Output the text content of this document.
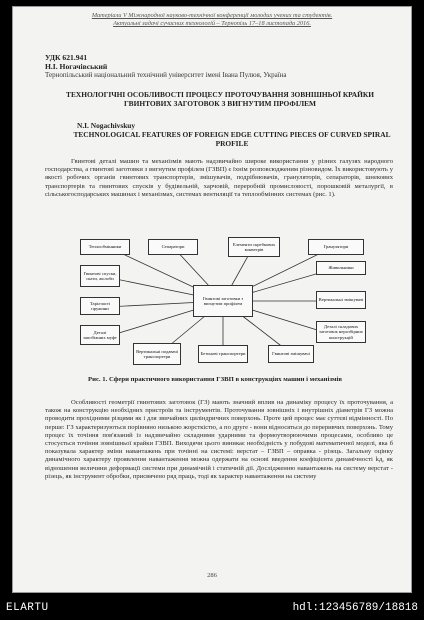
Матеріали V Міжнародної науково-технічної конференції молодих учених та студентів.
Актуальні задачі сучасних технологій – Тернопіль 17–18 листопада 2016.
УДК 621.941
Н.І. Ногачівський
Тернопільський національний технічний університет імені Івана Пулюя, Україна
ТЕХНОЛОГІЧНІ ОСОБЛИВОСТІ ПРОЦЕСУ ПРОТОЧУВАННЯ ЗОВНІШНЬОЇ КРАЙКИ ГВИНТОВИХ ЗАГОТОВОК З ВИГНУТИМ ПРОФІЛЕМ
N.I. Nogachivskuy
TECHNOLOGICAL FEATURES OF FOREIGN EDGE CUTTING PIECES OF CURVED SPIRAL PROFILE
Гвинтові деталі машин та механізмів мають надзвичайно широке використання у різних галузях народного господарства, а гвинтові заготовки з вигнутим профілем (ГЗВП) є їхнім розповсюдженим різновидом. Їх використовують у якості робочих органів гвинтових транспортерів, змішувачів, подрібнювачів, грануляторів, сепараторів, шнекових транспортерів та гвинтових спусків у будівельній, харчовій, переробній промисловості, порошковій металургії, в сільськогосподарських машинах і механізмах, системах вентиляції та теплообмінних системах (рис. 1).
Гвинтові заготовки з вигнутим профілем
Теплообмінники	Сепаратори
Елементи скребкових конвеєрів
Гранулятори
Гвинтові спуски, скати, жолоби
Тарілчасті пружини
Деталі запобіжних муфт
Живильники
Вертикальні змішувачі
Деталі складових заготовок нерозбірних конструкцій
Вертикальні подавачі транспортери
Бетонові транспортери	Гвинтові змішувачі
Рис. 1. Сфери практичного використання ГЗВП в конструкціях машин і механізмів
Особливості геометрії гвинтових заготовок (ГЗ) мають значний вплив на динаміку процесу їх проточування, а також на конструкцію необхідних пристроїв та інструментів. Проточування зовнішніх і внутрішніх діаметрів ГЗ можна проводити прохідними різцями як і для звичайних циліндричних поверхонь. Проте цей процес має суттєві відмінності. По перше: ГЗ характеризуються порівняно низькою жорсткістю, а по друге - вони відносяться до переривчих поверхонь. Тому процес їх точіння пов'язаний із надзвичайно складними ударними та формоутворюючими процесами, особливо це стосується точіння зовнішньої крайки ГЗВП. Виходячи цього виникає необхідність у побудові математичної моделі, яка б показувала характер зміни навантажень при точінні на системі: верстат – ГЗВП – оправка - різець. Загальну оцінку динамічного характеру проявлення навантаження можна одержати на основі введення коефіцієнта динамічності kд, як відношення величини деформації системи при динамічній і статичній дії. Дослідженню навантажень на систему верстат - різець, як інструмент обробки, присвячено ряд праць, тоді як характер навантаження на систему
286
ELARTU	hdl:123456789/18818
